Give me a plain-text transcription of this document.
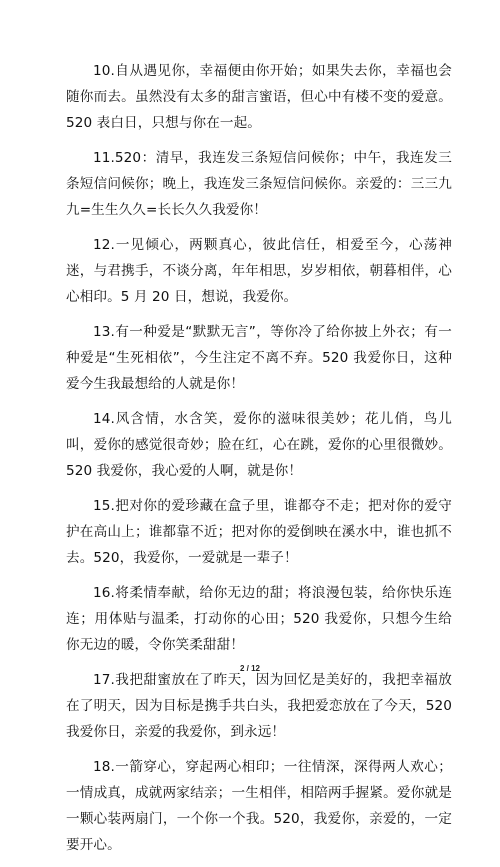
10.自从遇见你，幸福便由你开始；如果失去你，幸福也会随你而去。虽然没有太多的甜言蜜语，但心中有楼不变的爱意。520 表白日，只想与你在一起。

11.520：清早，我连发三条短信问候你；中午，我连发三条短信问候你；晚上，我连发三条短信问候你。亲爱的：三三九九=生生久久=长长久久我爱你！

12.一见倾心，两颗真心，彼此信任，相爱至今，心荡神迷，与君携手，不谈分离，年年相思，岁岁相依，朝暮相伴，心心相印。5 月 20 日，想说，我爱你。

13.有一种爱是“默默无言”，等你冷了给你披上外衣；有一种爱是“生死相依”，今生注定不离不弃。520 我爱你日，这种爱今生我最想给的人就是你！

14.风含情，水含笑，爱你的滋味很美妙；花儿俏，鸟儿叫，爱你的感觉很奇妙；脸在红，心在跳，爱你的心里很微妙。520 我爱你，我心爱的人啊，就是你！

15.把对你的爱珍藏在盒子里，谁都夺不走；把对你的爱守护在高山上；谁都靠不近；把对你的爱倒映在溪水中，谁也抓不去。520，我爱你，一爱就是一辈子！

16.将柔情奉献，给你无边的甜；将浪漫包装，给你快乐连连；用体贴与温柔，打动你的心田；520 我爱你，只想今生给你无边的暖，令你笑柔甜甜！

17.我把甜蜜放在了昨天，因为回忆是美好的，我把幸福放在了明天，因为目标是携手共白头，我把爱恋放在了今天，520 我爱你日，亲爱的我爱你，到永远！

18.一箭穿心，穿起两心相印；一往情深，深得两人欢心；一情成真，成就两家结亲；一生相伴，相陪两手握紧。爱你就是一颗心装两扇门，一个你一个我。520，我爱你，亲爱的，一定要开心。

2 / 12
